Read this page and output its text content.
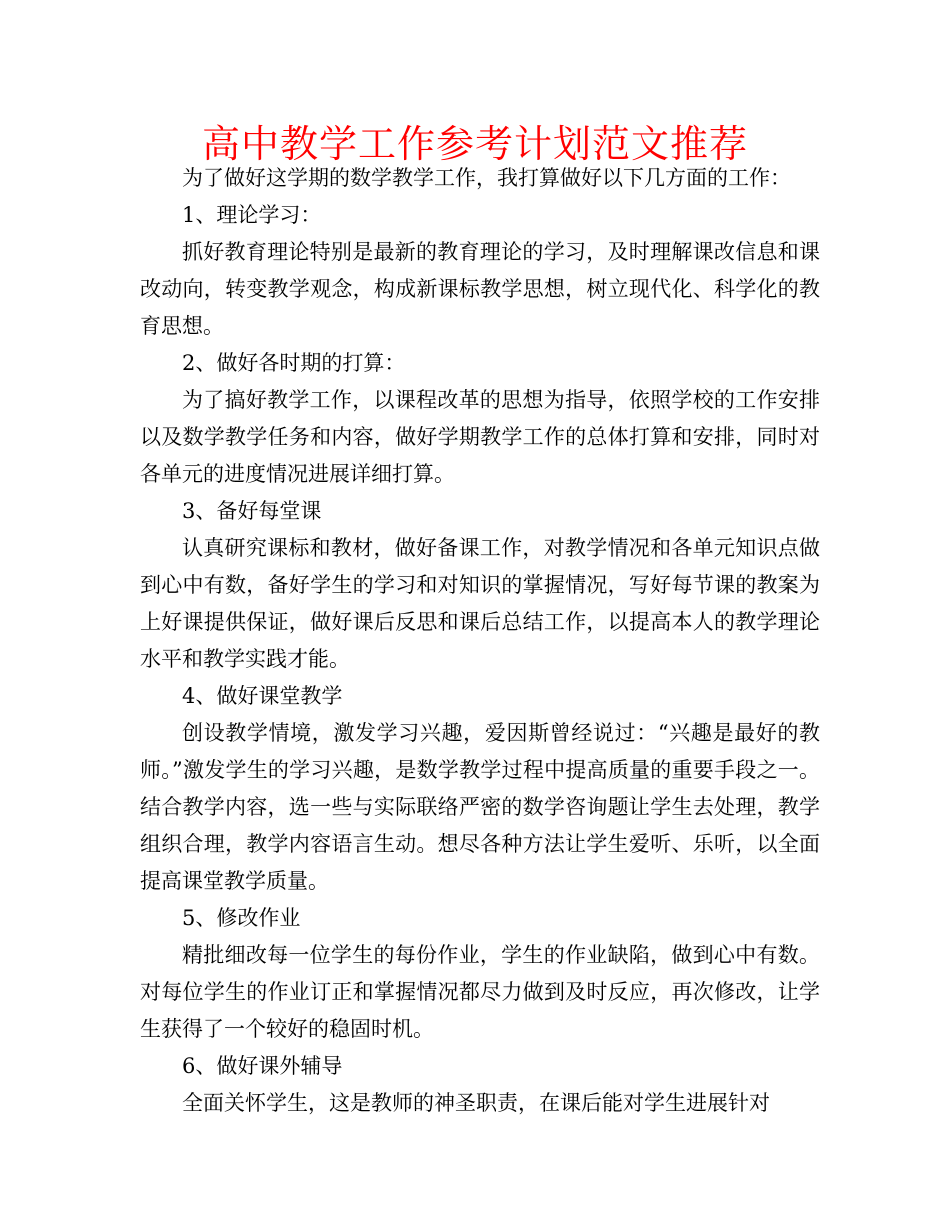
高中教学工作参考计划范文推荐

为了做好这学期的数学教学工作，我打算做好以下几方面的工作：

1、理论学习：

抓好教育理论特别是最新的教育理论的学习，及时理解课改信息和课改动向，转变教学观念，构成新课标教学思想，树立现代化、科学化的教育思想。

2、做好各时期的打算：

为了搞好教学工作，以课程改革的思想为指导，依照学校的工作安排以及数学教学任务和内容，做好学期教学工作的总体打算和安排，同时对各单元的进度情况进展详细打算。

3、备好每堂课

认真研究课标和教材，做好备课工作，对教学情况和各单元知识点做到心中有数，备好学生的学习和对知识的掌握情况，写好每节课的教案为上好课提供保证，做好课后反思和课后总结工作，以提高本人的教学理论水平和教学实践才能。

4、做好课堂教学

创设教学情境，激发学习兴趣，爱因斯曾经说过：“兴趣是最好的教师。”激发学生的学习兴趣，是数学教学过程中提高质量的重要手段之一。结合教学内容，选一些与实际联络严密的数学咨询题让学生去处理，教学组织合理，教学内容语言生动。想尽各种方法让学生爱听、乐听，以全面提高课堂教学质量。

5、修改作业

精批细改每一位学生的每份作业，学生的作业缺陷，做到心中有数。对每位学生的作业订正和掌握情况都尽力做到及时反应，再次修改，让学生获得了一个较好的稳固时机。

6、做好课外辅导

全面关怀学生，这是教师的神圣职责，在课后能对学生进展针对
